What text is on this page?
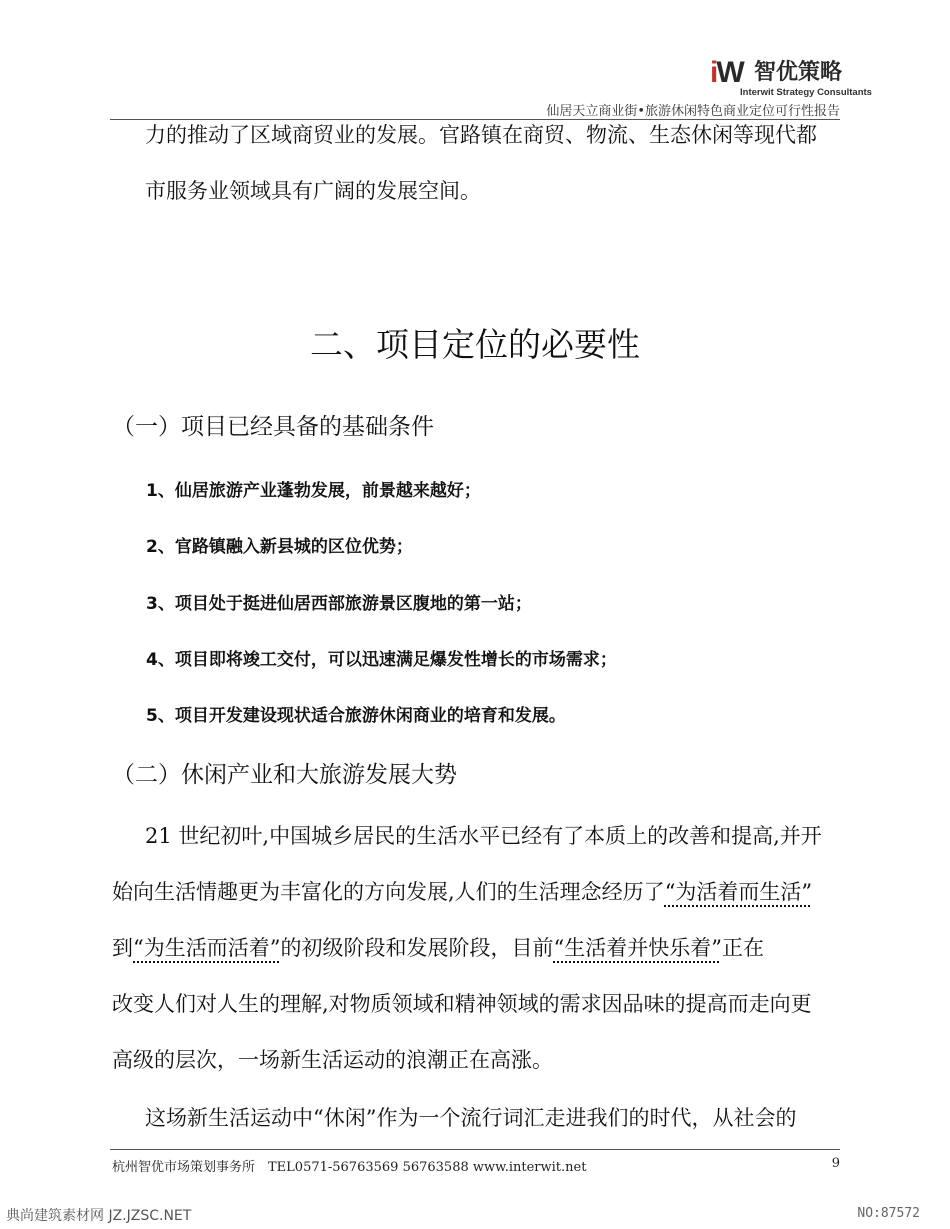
iW 智优策略
Interwit Strategy Consultants
仙居天立商业街•旅游休闲特色商业定位可行性报告
力的推动了区域商贸业的发展。官路镇在商贸、物流、生态休闲等现代都
市服务业领域具有广阔的发展空间。
二、项目定位的必要性
（一）项目已经具备的基础条件
1、仙居旅游产业蓬勃发展，前景越来越好；
2、官路镇融入新县城的区位优势；
3、项目处于挺进仙居西部旅游景区腹地的第一站；
4、项目即将竣工交付，可以迅速满足爆发性增长的市场需求；
5、项目开发建设现状适合旅游休闲商业的培育和发展。
（二）休闲产业和大旅游发展大势
21 世纪初叶,中国城乡居民的生活水平已经有了本质上的改善和提高,并开
始向生活情趣更为丰富化的方向发展,人们的生活理念经历了“为活着而生活”
到“为生活而活着”的初级阶段和发展阶段，目前“生活着并快乐着”正在
改变人们对人生的理解,对物质领域和精神领域的需求因品味的提高而走向更
高级的层次，一场新生活运动的浪潮正在高涨。
这场新生活运动中“休闲”作为一个流行词汇走进我们的时代，从社会的
杭州智优市场策划事务所　TEL0571-56763569 56763588 www.interwit.net	9
典尚建筑素材网 JZ.JZSC.NET	NO:87572
